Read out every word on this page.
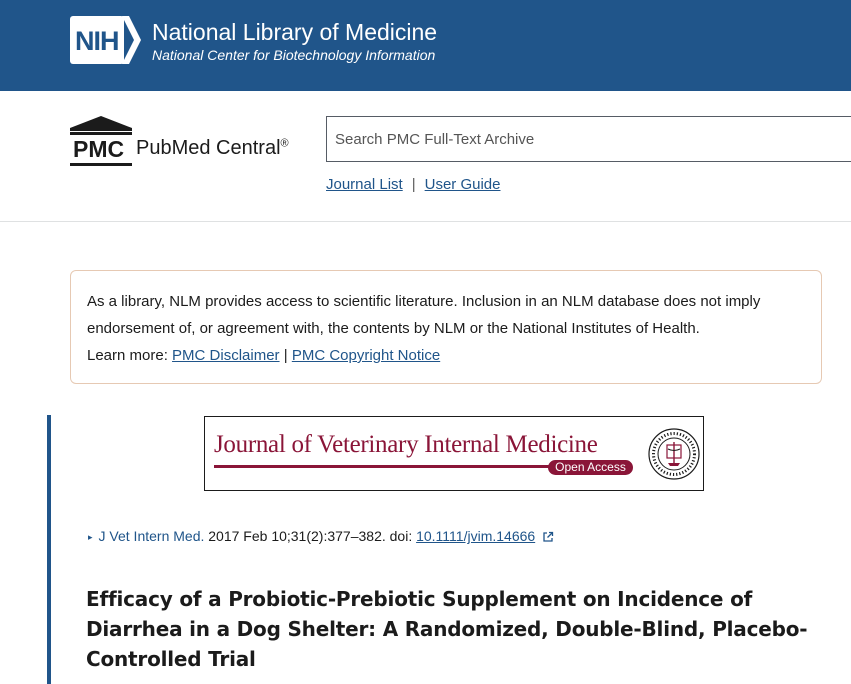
NIH National Library of Medicine
National Center for Biotechnology Information
PMC PubMed Central®
Search PMC Full-Text Archive
Journal List | User Guide
As a library, NLM provides access to scientific literature. Inclusion in an NLM database does not imply endorsement of, or agreement with, the contents by NLM or the National Institutes of Health.
Learn more: PMC Disclaimer | PMC Copyright Notice
Journal of Veterinary Internal Medicine
Open Access
▸ J Vet Intern Med. 2017 Feb 10;31(2):377–382. doi: 10.1111/jvim.14666
Efficacy of a Probiotic-Prebiotic Supplement on Incidence of Diarrhea in a Dog Shelter: A Randomized, Double-Blind, Placebo-Controlled Trial
